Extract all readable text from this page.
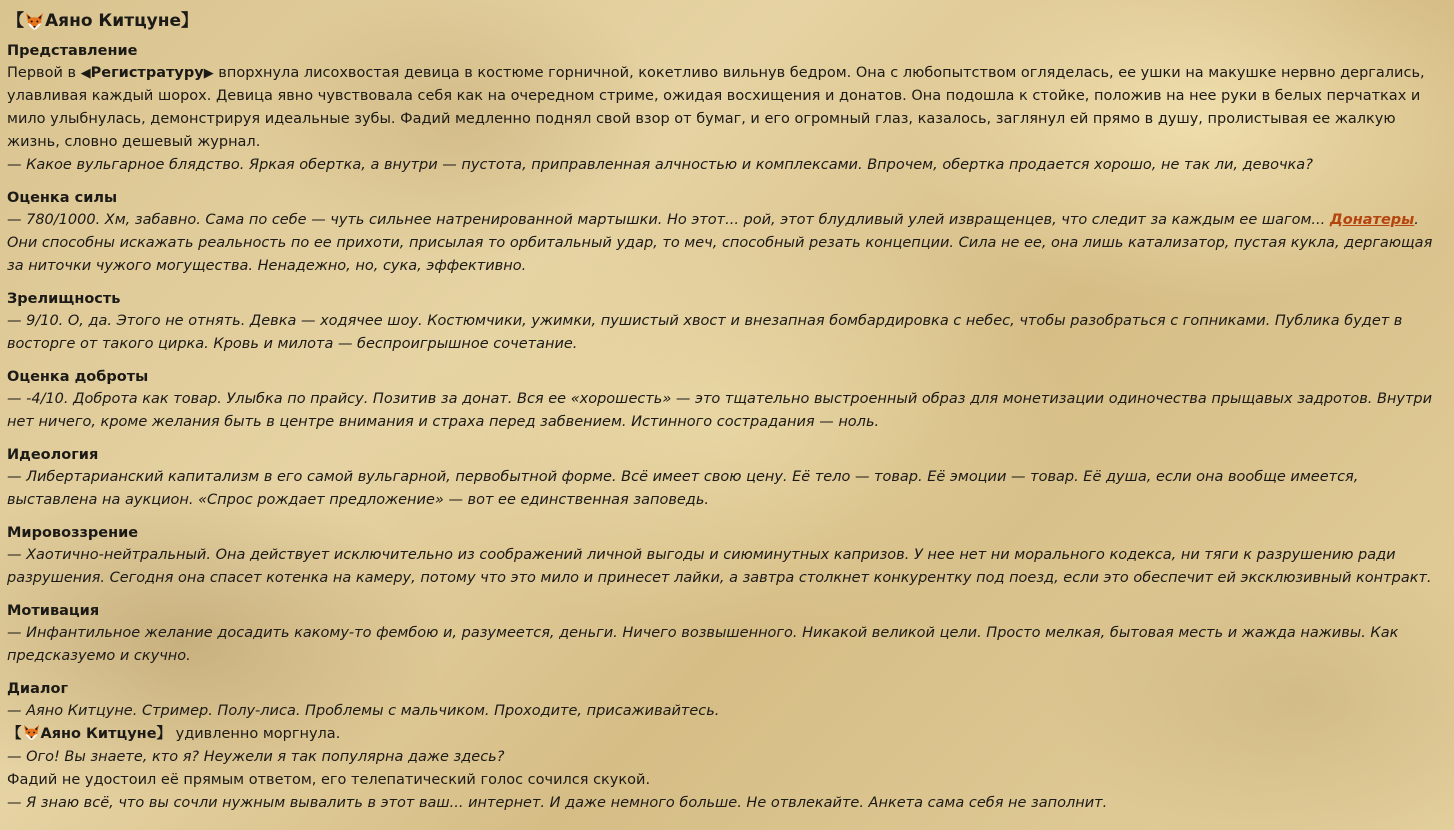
【 Аяно Китцуне 】

Представление

Первой в ◀Регистратуру▶ впорхнула лисохвостая девица в костюме горничной, кокетливо вильнув бедром. Она с любопытством огляделась, ее ушки на макушке нервно дергались, улавливая каждый шорох. Девица явно чувствовала себя как на очередном стриме, ожидая восхищения и донатов. Она подошла к стойке, положив на нее руки в белых перчатках и мило улыбнулась, демонстрируя идеальные зубы. Фадий медленно поднял свой взор от бумаг, и его огромный глаз, казалось, заглянул ей прямо в душу, пролистывая ее жалкую жизнь, словно дешевый журнал.

— Какое вульгарное блядство. Яркая обертка, а внутри — пустота, приправленная алчностью и комплексами. Впрочем, обертка продается хорошо, не так ли, девочка?

Оценка силы

— 780/1000. Хм, забавно. Сама по себе — чуть сильнее натренированной мартышки. Но этот... рой, этот блудливый улей извращенцев, что следит за каждым ее шагом... Донатеры. Они способны искажать реальность по ее прихоти, присылая то орбитальный удар, то меч, способный резать концепции. Сила не ее, она лишь катализатор, пустая кукла, дергающая за ниточки чужого могущества. Ненадежно, но, сука, эффективно.

Зрелищность

— 9/10. О, да. Этого не отнять. Девка — ходячее шоу. Костюмчики, ужимки, пушистый хвост и внезапная бомбардировка с небес, чтобы разобраться с гопниками. Публика будет в восторге от такого цирка. Кровь и милота — беспроигрышное сочетание.

Оценка доброты

— -4/10. Доброта как товар. Улыбка по прайсу. Позитив за донат. Вся ее «хорошесть» — это тщательно выстроенный образ для монетизации одиночества прыщавых задротов. Внутри нет ничего, кроме желания быть в центре внимания и страха перед забвением. Истинного сострадания — ноль.

Идеология

— Либертарианский капитализм в его самой вульгарной, первобытной форме. Всё имеет свою цену. Её тело — товар. Её эмоции — товар. Её душа, если она вообще имеется, выставлена на аукцион. «Спрос рождает предложение» — вот ее единственная заповедь.

Мировоззрение

— Хаотично-нейтральный. Она действует исключительно из соображений личной выгоды и сиюминутных капризов. У нее нет ни морального кодекса, ни тяги к разрушению ради разрушения. Сегодня она спасет котенка на камеру, потому что это мило и принесет лайки, а завтра столкнет конкурентку под поезд, если это обеспечит ей эксклюзивный контракт.

Мотивация

— Инфантильное желание досадить какому-то фембою и, разумеется, деньги. Ничего возвышенного. Никакой великой цели. Просто мелкая, бытовая месть и жажда наживы. Как предсказуемо и скучно.

Диалог

— Аяно Китцуне. Стример. Полу-лиса. Проблемы с мальчиком. Проходите, присаживайтесь.

【 Аяно Китцуне】 удивленно моргнула.

— Ого! Вы знаете, кто я? Неужели я так популярна даже здесь?

Фадий не удостоил её прямым ответом, его телепатический голос сочился скукой.

— Я знаю всё, что вы сочли нужным вывалить в этот ваш... интернет. И даже немного больше. Не отвлекайте. Анкета сама себя не заполнит.
